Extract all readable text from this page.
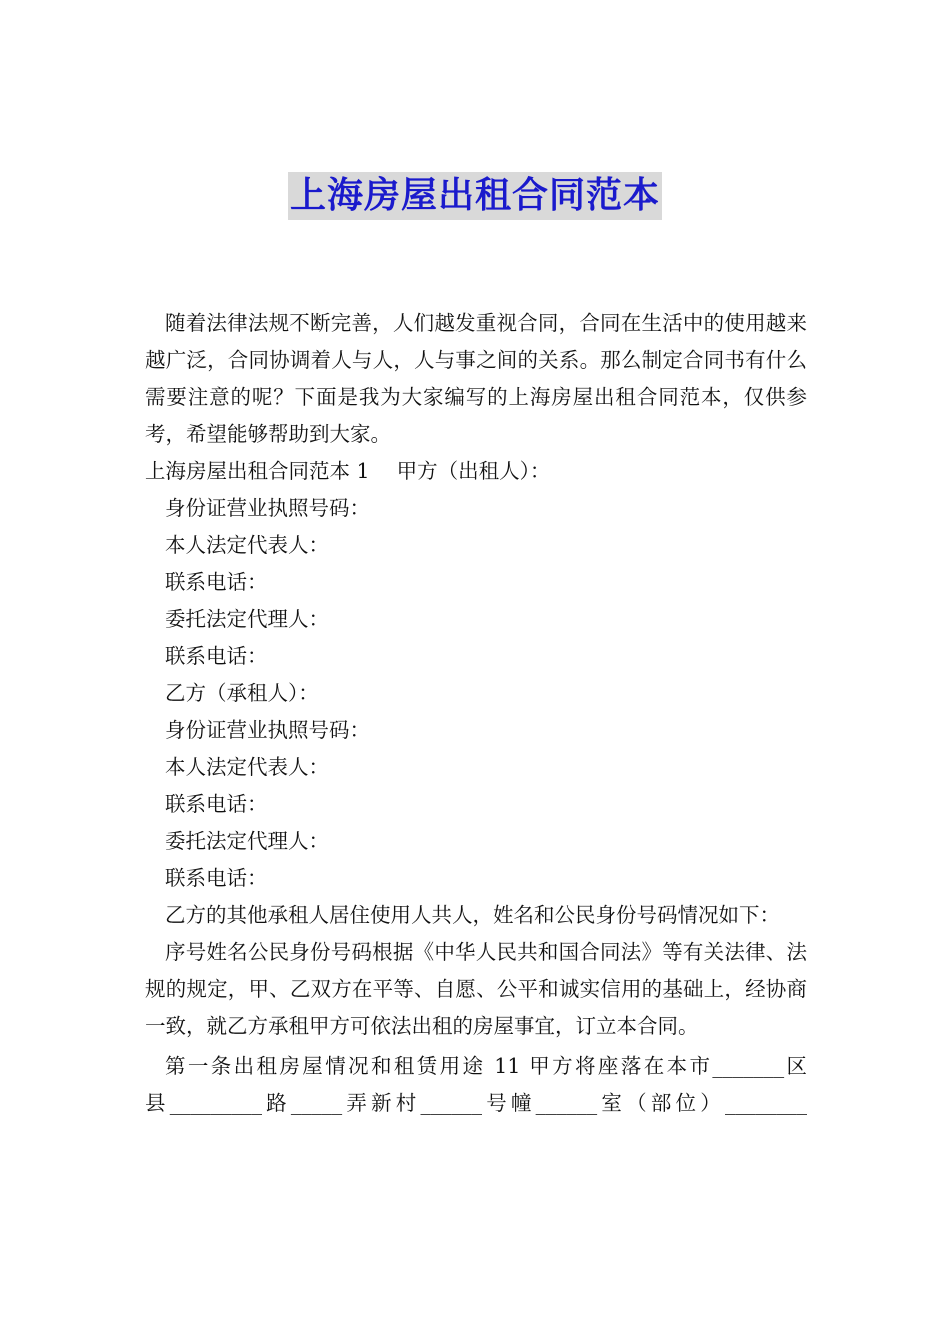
上海房屋出租合同范本

随着法律法规不断完善，人们越发重视合同，合同在生活中的使用越来越广泛，合同协调着人与人，人与事之间的关系。那么制定合同书有什么需要注意的呢？下面是我为大家编写的上海房屋出租合同范本，仅供参考，希望能够帮助到大家。

上海房屋出租合同范本 1　 甲方（出租人）：

身份证营业执照号码：

本人法定代表人：

联系电话：

委托法定代理人：

联系电话：

乙方（承租人）：

身份证营业执照号码：

本人法定代表人：

联系电话：

委托法定代理人：

联系电话：

乙方的其他承租人居住使用人共人，姓名和公民身份号码情况如下：

序号姓名公民身份号码根据《中华人民共和国合同法》等有关法律、法规的规定，甲、乙双方在平等、自愿、公平和诚实信用的基础上，经协商一致，就乙方承租甲方可依法出租的房屋事宜，订立本合同。

第一条出租房屋情况和租赁用途 11 甲方将座落在本市_______区

县_________路_____弄新村______号幢______室（部位）________
